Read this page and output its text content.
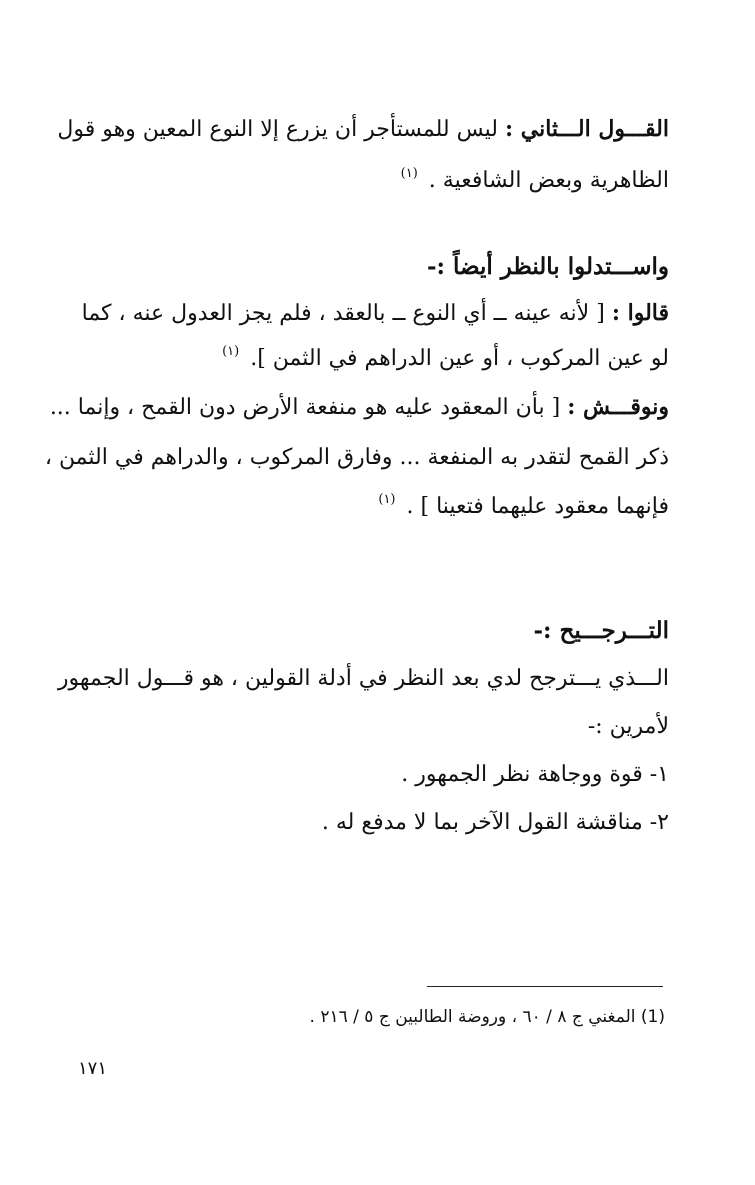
القـــول الـــثاني : ليس للمستأجر أن يزرع إلا النوع المعين وهو قول
الظاهرية وبعض الشافعية . $^{(١)}$
واســـتدلوا بالنظر أيضاً :-
قالوا : [ لأنه عينه ــ أي النوع ــ بالعقد ، فلم يجز العدول عنه ، كما
لو عين المركوب ، أو عين الدراهم في الثمن ]. $^{(١)}$
ونوقـــش : [ بأن المعقود عليه هو منفعة الأرض دون القمح ، وإنما ...
ذكر القمح لتقدر به المنفعة ... وفارق المركوب ، والدراهم في الثمن ،
فإنهما معقود عليهما فتعينا ] . $^{(١)}$
التـــرجـــيح :-
الـــذي يـــترجح لدي بعد النظر في أدلة القولين ، هو قـــول الجمهور
لأمرين :-
١- قوة ووجاهة نظر الجمهور .
٢- مناقشة القول الآخر بما لا مدفع له .
(1) المغني ج ٨ / ٦٠ ، وروضة الطالبين ج ٥ / ٢١٦ .
١٧١
